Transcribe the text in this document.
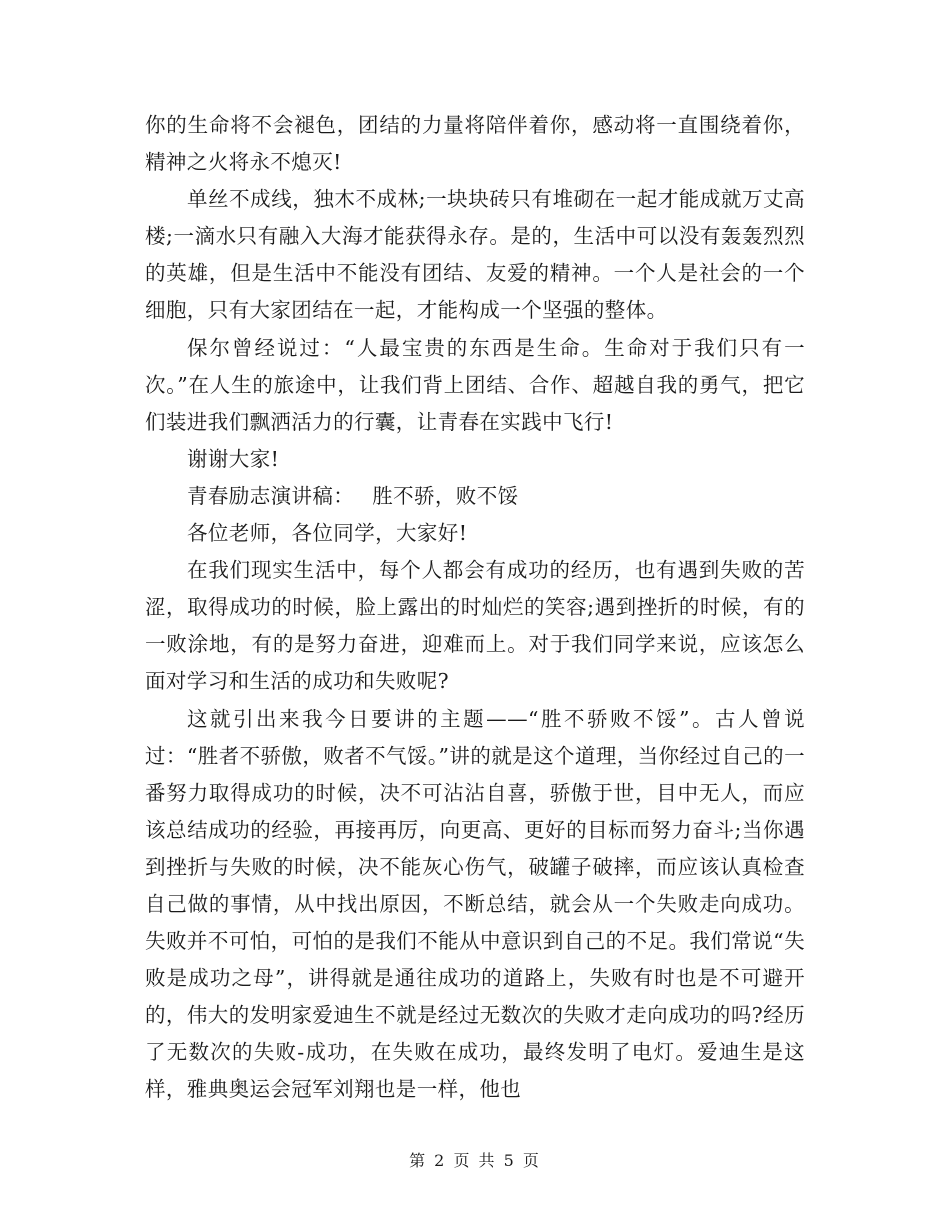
你的生命将不会褪色，团结的力量将陪伴着你，感动将一直围绕着你，精神之火将永不熄灭!

单丝不成线，独木不成林;一块块砖只有堆砌在一起才能成就万丈高楼;一滴水只有融入大海才能获得永存。是的，生活中可以没有轰轰烈烈的英雄，但是生活中不能没有团结、友爱的精神。一个人是社会的一个细胞，只有大家团结在一起，才能构成一个坚强的整体。

保尔曾经说过：“人最宝贵的东西是生命。生命对于我们只有一次。”在人生的旅途中，让我们背上团结、合作、超越自我的勇气，把它们装进我们飘洒活力的行囊，让青春在实践中飞行!

谢谢大家!

青春励志演讲稿： 胜不骄，败不馁

各位老师，各位同学，大家好!

在我们现实生活中，每个人都会有成功的经历，也有遇到失败的苦涩，取得成功的时候，脸上露出的时灿烂的笑容;遇到挫折的时候，有的一败涂地，有的是努力奋进，迎难而上。对于我们同学来说，应该怎么面对学习和生活的成功和失败呢?

这就引出来我今日要讲的主题——“胜不骄败不馁”。古人曾说过：“胜者不骄傲，败者不气馁。”讲的就是这个道理，当你经过自己的一番努力取得成功的时候，决不可沾沾自喜，骄傲于世，目中无人，而应该总结成功的经验，再接再厉，向更高、更好的目标而努力奋斗;当你遇到挫折与失败的时候，决不能灰心伤气，破罐子破摔，而应该认真检查自己做的事情，从中找出原因，不断总结，就会从一个失败走向成功。失败并不可怕，可怕的是我们不能从中意识到自己的不足。我们常说“失败是成功之母”，讲得就是通往成功的道路上，失败有时也是不可避开的，伟大的发明家爱迪生不就是经过无数次的失败才走向成功的吗?经历了无数次的失败-成功，在失败在成功，最终发明了电灯。爱迪生是这样，雅典奥运会冠军刘翔也是一样，他也

第 2 页 共 5 页
